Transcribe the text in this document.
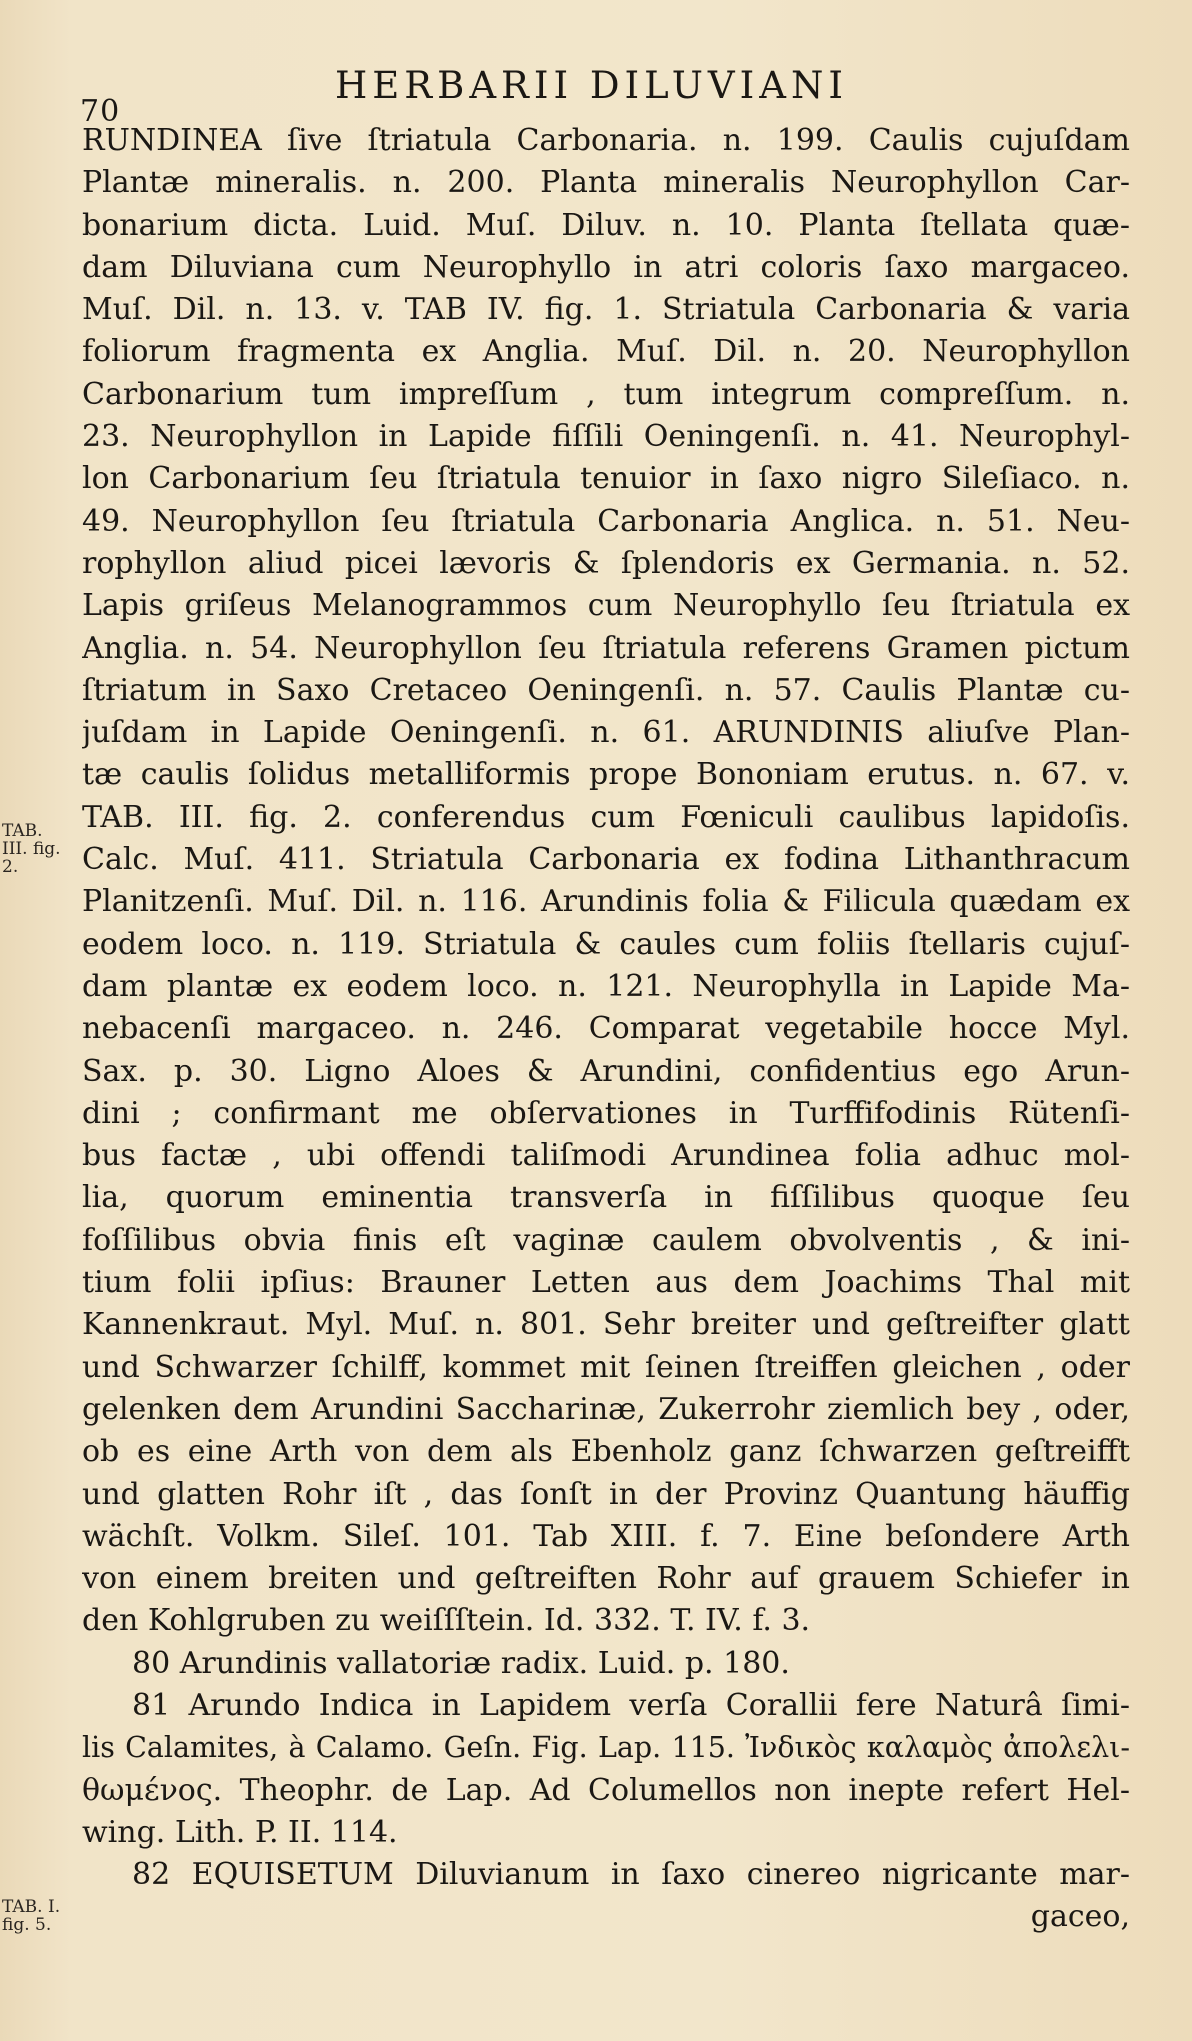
70
HERBARII DILUVIANI
TAB. III. fig. 2.
TAB. I. fig. 5.
RUNDINEA ſive ſtriatula Carbonaria. n. 199. Caulis cujuſdam
Plantæ mineralis. n. 200. Planta mineralis Neurophyllon Car-
bonarium dicta. Luid. Muſ. Diluv. n. 10. Planta ſtellata quæ-
dam Diluviana cum Neurophyllo in atri coloris ſaxo margaceo.
Muſ. Dil. n. 13. v. TAB IV. fig. 1. Striatula Carbonaria & varia
foliorum fragmenta ex Anglia. Muſ. Dil. n. 20. Neurophyllon
Carbonarium tum impreſſum , tum integrum compreſſum. n.
23. Neurophyllon in Lapide fiſſili Oeningenſi. n. 41. Neurophyl-
lon Carbonarium ſeu ſtriatula tenuior in ſaxo nigro Sileſiaco. n.
49. Neurophyllon ſeu ſtriatula Carbonaria Anglica. n. 51. Neu-
rophyllon aliud picei lævoris & ſplendoris ex Germania. n. 52.
Lapis griſeus Melanogrammos cum Neurophyllo ſeu ſtriatula ex
Anglia. n. 54. Neurophyllon ſeu ſtriatula referens Gramen pictum
ſtriatum in Saxo Cretaceo Oeningenſi. n. 57. Caulis Plantæ cu-
juſdam in Lapide Oeningenſi. n. 61. ARUNDINIS aliuſve Plan-
tæ caulis ſolidus metalliformis prope Bononiam erutus. n. 67. v.
TAB. III. fig. 2. conferendus cum Fœniculi caulibus lapidoſis.
Calc. Muſ. 411. Striatula Carbonaria ex fodina Lithanthracum
Planitzenſi. Muſ. Dil. n. 116. Arundinis folia & Filicula quædam ex
eodem loco. n. 119. Striatula & caules cum foliis ſtellaris cujuſ-
dam plantæ ex eodem loco. n. 121. Neurophylla in Lapide Ma-
nebacenſi margaceo. n. 246. Comparat vegetabile hocce Myl.
Sax. p. 30. Ligno Aloes & Arundini, confidentius ego Arun-
dini ; confirmant me obſervationes in Turffifodinis Rütenſi-
bus factæ , ubi offendi taliſmodi Arundinea folia adhuc mol-
lia, quorum eminentia transverſa in fiſſilibus quoque ſeu
foſſilibus obvia finis eſt vaginæ caulem obvolventis , & ini-
tium folii ipſius: Brauner Letten aus dem Joachims Thal mit
Kannenkraut. Myl. Muſ. n. 801. Sehr breiter und geſtreifter glatt
und Schwarzer ſchilff, kommet mit ſeinen ſtreiffen gleichen , oder
gelenken dem Arundini Saccharinæ, Zukerrohr ziemlich bey , oder,
ob es eine Arth von dem als Ebenholz ganz ſchwarzen geſtreifft
und glatten Rohr iſt , das ſonſt in der Provinz Quantung häuffig
wächſt. Volkm. Sileſ. 101. Tab XIII. f. 7. Eine beſondere Arth
von einem breiten und geſtreiften Rohr auf grauem Schiefer in
den Kohlgruben zu weiſſſtein. Id. 332. T. IV. f. 3.
80 Arundinis vallatoriæ radix. Luid. p. 180.
81 Arundo Indica in Lapidem verſa Corallii fere Naturâ ſimi-
lis Calamites, à Calamo. Geſn. Fig. Lap. 115. Ἰνδικὸς καλαμὸς ἀπολελι-
θωμένος. Theophr. de Lap. Ad Columellos non inepte refert Hel-
wing. Lith. P. II. 114.
82 EQUISETUM Diluvianum in ſaxo cinereo nigricante mar-
gaceo,
